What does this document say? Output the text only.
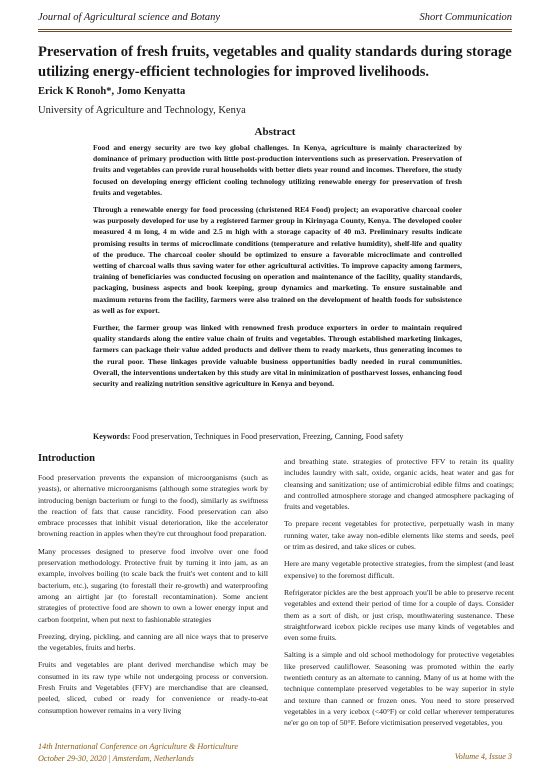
Journal of Agricultural science and Botany	Short Communication
Preservation of fresh fruits, vegetables and quality standards during storage utilizing energy-efficient technologies for improved livelihoods.
Erick K Ronoh*, Jomo Kenyatta
University of Agriculture and Technology, Kenya
Abstract

Food and energy security are two key global challenges. In Kenya, agriculture is mainly characterized by dominance of primary production with little post-production interventions such as preservation. Preservation of fruits and vegetables can provide rural households with better diets year round and incomes. Therefore, the study focused on developing energy efficient cooling technology utilizing renewable energy for preservation of fresh fruits and vegetables.

Through a renewable energy for food processing (christened RE4 Food) project; an evaporative charcoal cooler was purposely developed for use by a registered farmer group in Kirinyaga County, Kenya. The developed cooler measured 4 m long, 4 m wide and 2.5 m high with a storage capacity of 40 m3. Preliminary results indicate promising results in terms of microclimate conditions (temperature and relative humidity), shelf-life and quality of the produce. The charcoal cooler should be optimized to ensure a favorable microclimate and controlled wetting of charcoal walls thus saving water for other agricultural activities. To improve capacity among farmers, training of beneficiaries was conducted focusing on operation and maintenance of the facility, quality standards, packaging, business aspects and book keeping, group dynamics and marketing. To ensure sustainable and maximum returns from the facility, farmers were also trained on the development of health foods for subsistence as well as for export.

Further, the farmer group was linked with renowned fresh produce exporters in order to maintain required quality standards along the entire value chain of fruits and vegetables. Through established marketing linkages, farmers can package their value added products and deliver them to ready markets, thus generating incomes to the rural poor. These linkages provide valuable business opportunities badly needed in rural communities. Overall, the interventions undertaken by this study are vital in minimization of postharvest losses, enhancing food security and realizing nutrition sensitive agriculture in Kenya and beyond.

Keywords: Food preservation, Techniques in Food preservation, Freezing, Canning, Food safety
Introduction

Food preservation prevents the expansion of microorganisms (such as yeasts), or alternative microorganisms (although some strategies work by introducing benign bacterium or fungi to the food), similarly as swiftness the reaction of fats that cause rancidity. Food preservation can also embrace processes that inhibit visual deterioration, like the accelerator browning reaction in apples when they're cut throughout food preparation.

Many processes designed to preserve food involve over one food preservation methodology. Protective fruit by turning it into jam, as an example, involves boiling (to scale back the fruit's wet content and to kill bacterium, etc.), sugaring (to forestall their re-growth) and waterproofing among an airtight jar (to forestall recontamination). Some ancient strategies of protective food are shown to own a lower energy input and carbon footprint, when put next to fashionable strategies

Freezing, drying, pickling, and canning are all nice ways that to preserve the vegetables, fruits and herbs.

Fruits and vegetables are plant derived merchandise which may be consumed in its raw type while not undergoing process or conversion. Fresh Fruits and Vegetables (FFV) are merchandise that are cleansed, peeled, sliced, cubed or ready for convenience or ready-to-eat consumption however remains in a very living

and breathing state. strategies of protective FFV to retain its quality includes laundry with salt, oxide, organic acids, heat water and gas for cleansing and sanitization; use of antimicrobial edible films and coatings; and controlled atmosphere storage and changed atmosphere packaging of fruits and vegetables.

To prepare recent vegetables for protective, perpetually wash in many running water, take away non-edible elements like stems and seeds, peel or trim as desired, and take slices or cubes.

Here are many vegetable protective strategies, from the simplest (and least expensive) to the foremost difficult.

Refrigerator pickles are the best approach you'll be able to preserve recent vegetables and extend their period of time for a couple of days. Consider them as a sort of dish, or just crisp, mouthwatering sustenance. These straightforward icebox pickle recipes use many kinds of vegetables and even some fruits.

Salting is a simple and old school methodology for protective vegetables like preserved cauliflower. Seasoning was promoted within the early twentieth century as an alternate to canning. Many of us at home with the technique contemplate preserved vegetables to be way superior in style and texture than canned or frozen ones. You need to store preserved vegetables in a very icebox (<40°F) or cold cellar wherever temperatures ne'er go on top of 50°F. Before victimisation preserved vegetables, you

14th International Conference on Agriculture & Horticulture
October 29-30, 2020 | Amsterdam, Netherlands	Volume 4, Issue 3
